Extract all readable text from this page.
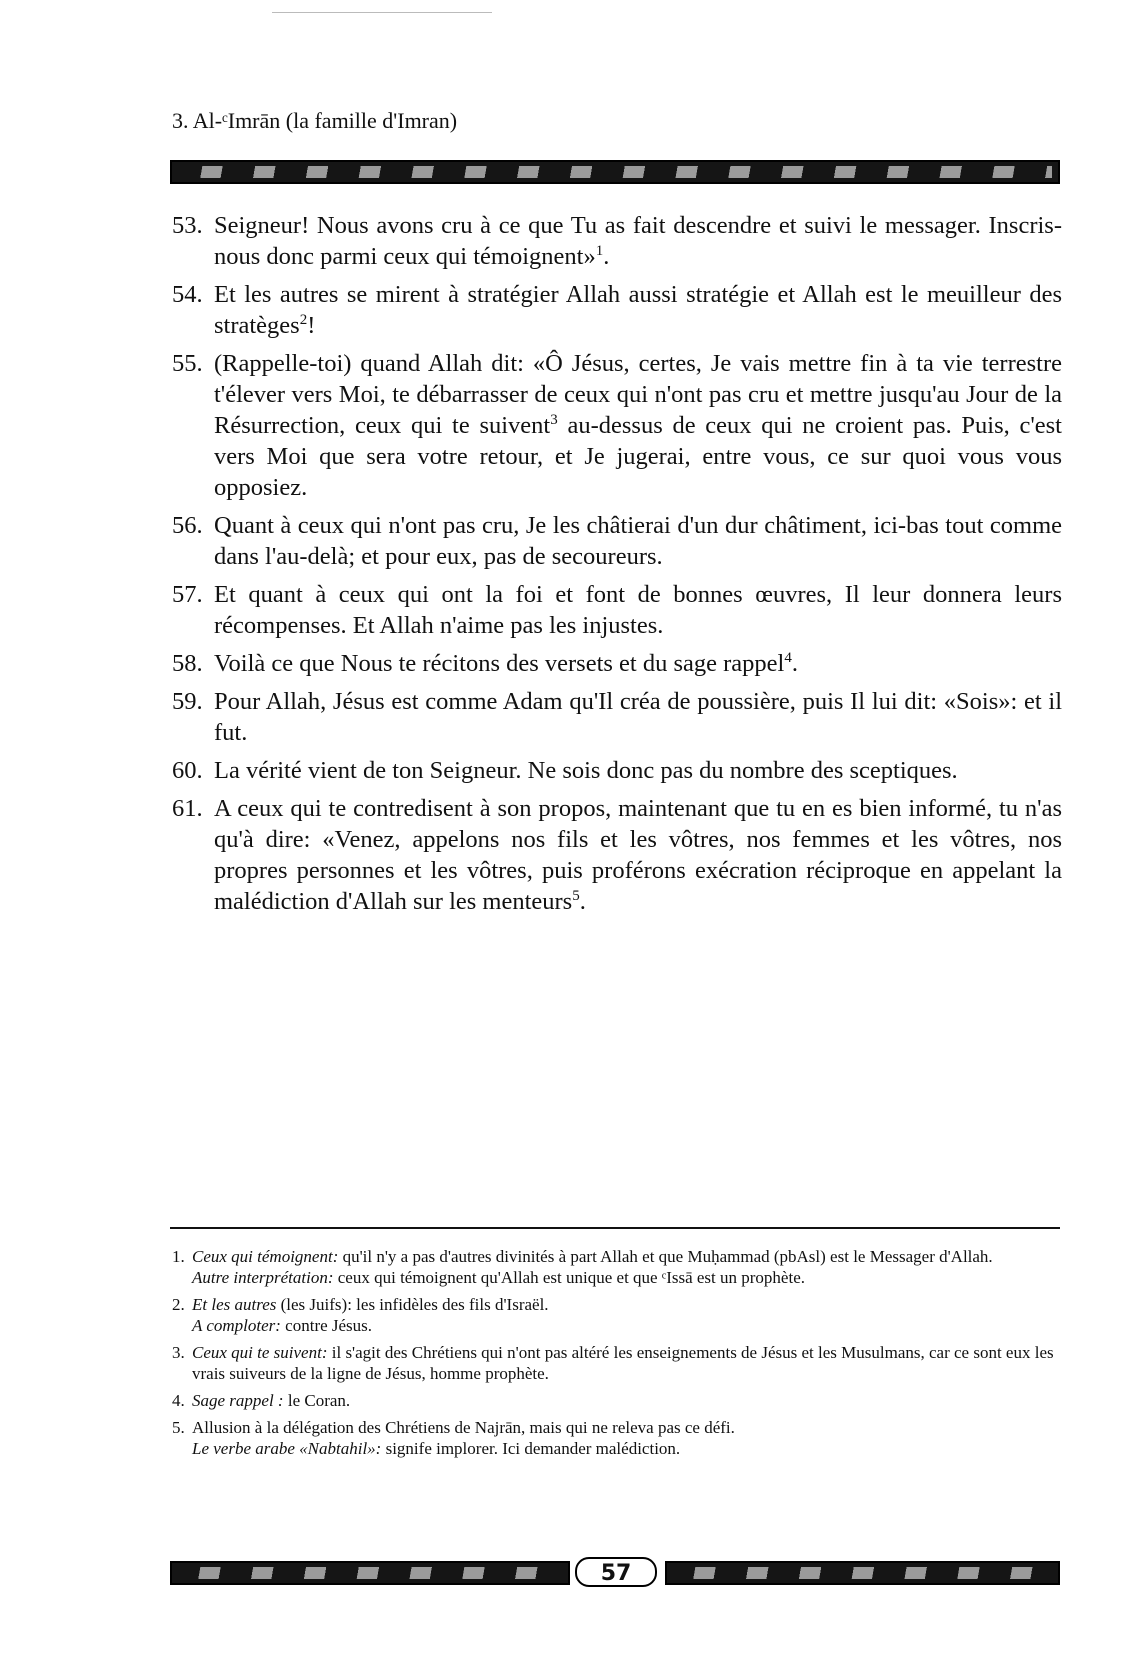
3. Al-ᶜImrān (la famille d'Imran)
53. Seigneur! Nous avons cru à ce que Tu as fait descendre et suivi le messager. Inscris-nous donc parmi ceux qui témoignent»$^1$.
54. Et les autres se mirent à stratégier Allah aussi stratégie et Allah est le meuilleur des stratèges$^2$!
55. (Rappelle-toi) quand Allah dit: «Ô Jésus, certes, Je vais mettre fin à ta vie terrestre t'élever vers Moi, te débarrasser de ceux qui n'ont pas cru et mettre jusqu'au Jour de la Résurrection, ceux qui te suivent$^3$ au-dessus de ceux qui ne croient pas. Puis, c'est vers Moi que sera votre retour, et Je jugerai, entre vous, ce sur quoi vous vous opposiez.
56. Quant à ceux qui n'ont pas cru, Je les châtierai d'un dur châtiment, ici-bas tout comme dans l'au-delà; et pour eux, pas de secoureurs.
57. Et quant à ceux qui ont la foi et font de bonnes œuvres, Il leur donnera leurs récompenses. Et Allah n'aime pas les injustes.
58. Voilà ce que Nous te récitons des versets et du sage rappel$^4$.
59. Pour Allah, Jésus est comme Adam qu'Il créa de poussière, puis Il lui dit: «Sois»: et il fut.
60. La vérité vient de ton Seigneur. Ne sois donc pas du nombre des sceptiques.
61. A ceux qui te contredisent à son propos, maintenant que tu en es bien informé, tu n'as qu'à dire: «Venez, appelons nos fils et les vôtres, nos femmes et les vôtres, nos propres personnes et les vôtres, puis proférons exécration réciproque en appelant la malédiction d'Allah sur les menteurs$^5$.
1. Ceux qui témoignent: qu'il n'y a pas d'autres divinités à part Allah et que Muḥammad (pbAsl) est le Messager d'Allah.
Autre interprétation: ceux qui témoignent qu'Allah est unique et que ᶜIssā est un prophète.
2. Et les autres (les Juifs): les infidèles des fils d'Israël.
A comploter: contre Jésus.
3. Ceux qui te suivent: il s'agit des Chrétiens qui n'ont pas altéré les enseignements de Jésus et les Musulmans, car ce sont eux les vrais suiveurs de la ligne de Jésus, homme prophète.
4. Sage rappel : le Coran.
5. Allusion à la délégation des Chrétiens de Najrān, mais qui ne releva pas ce défi.
Le verbe arabe «Nabtahil»: signife implorer. Ici demander malédiction.
57
